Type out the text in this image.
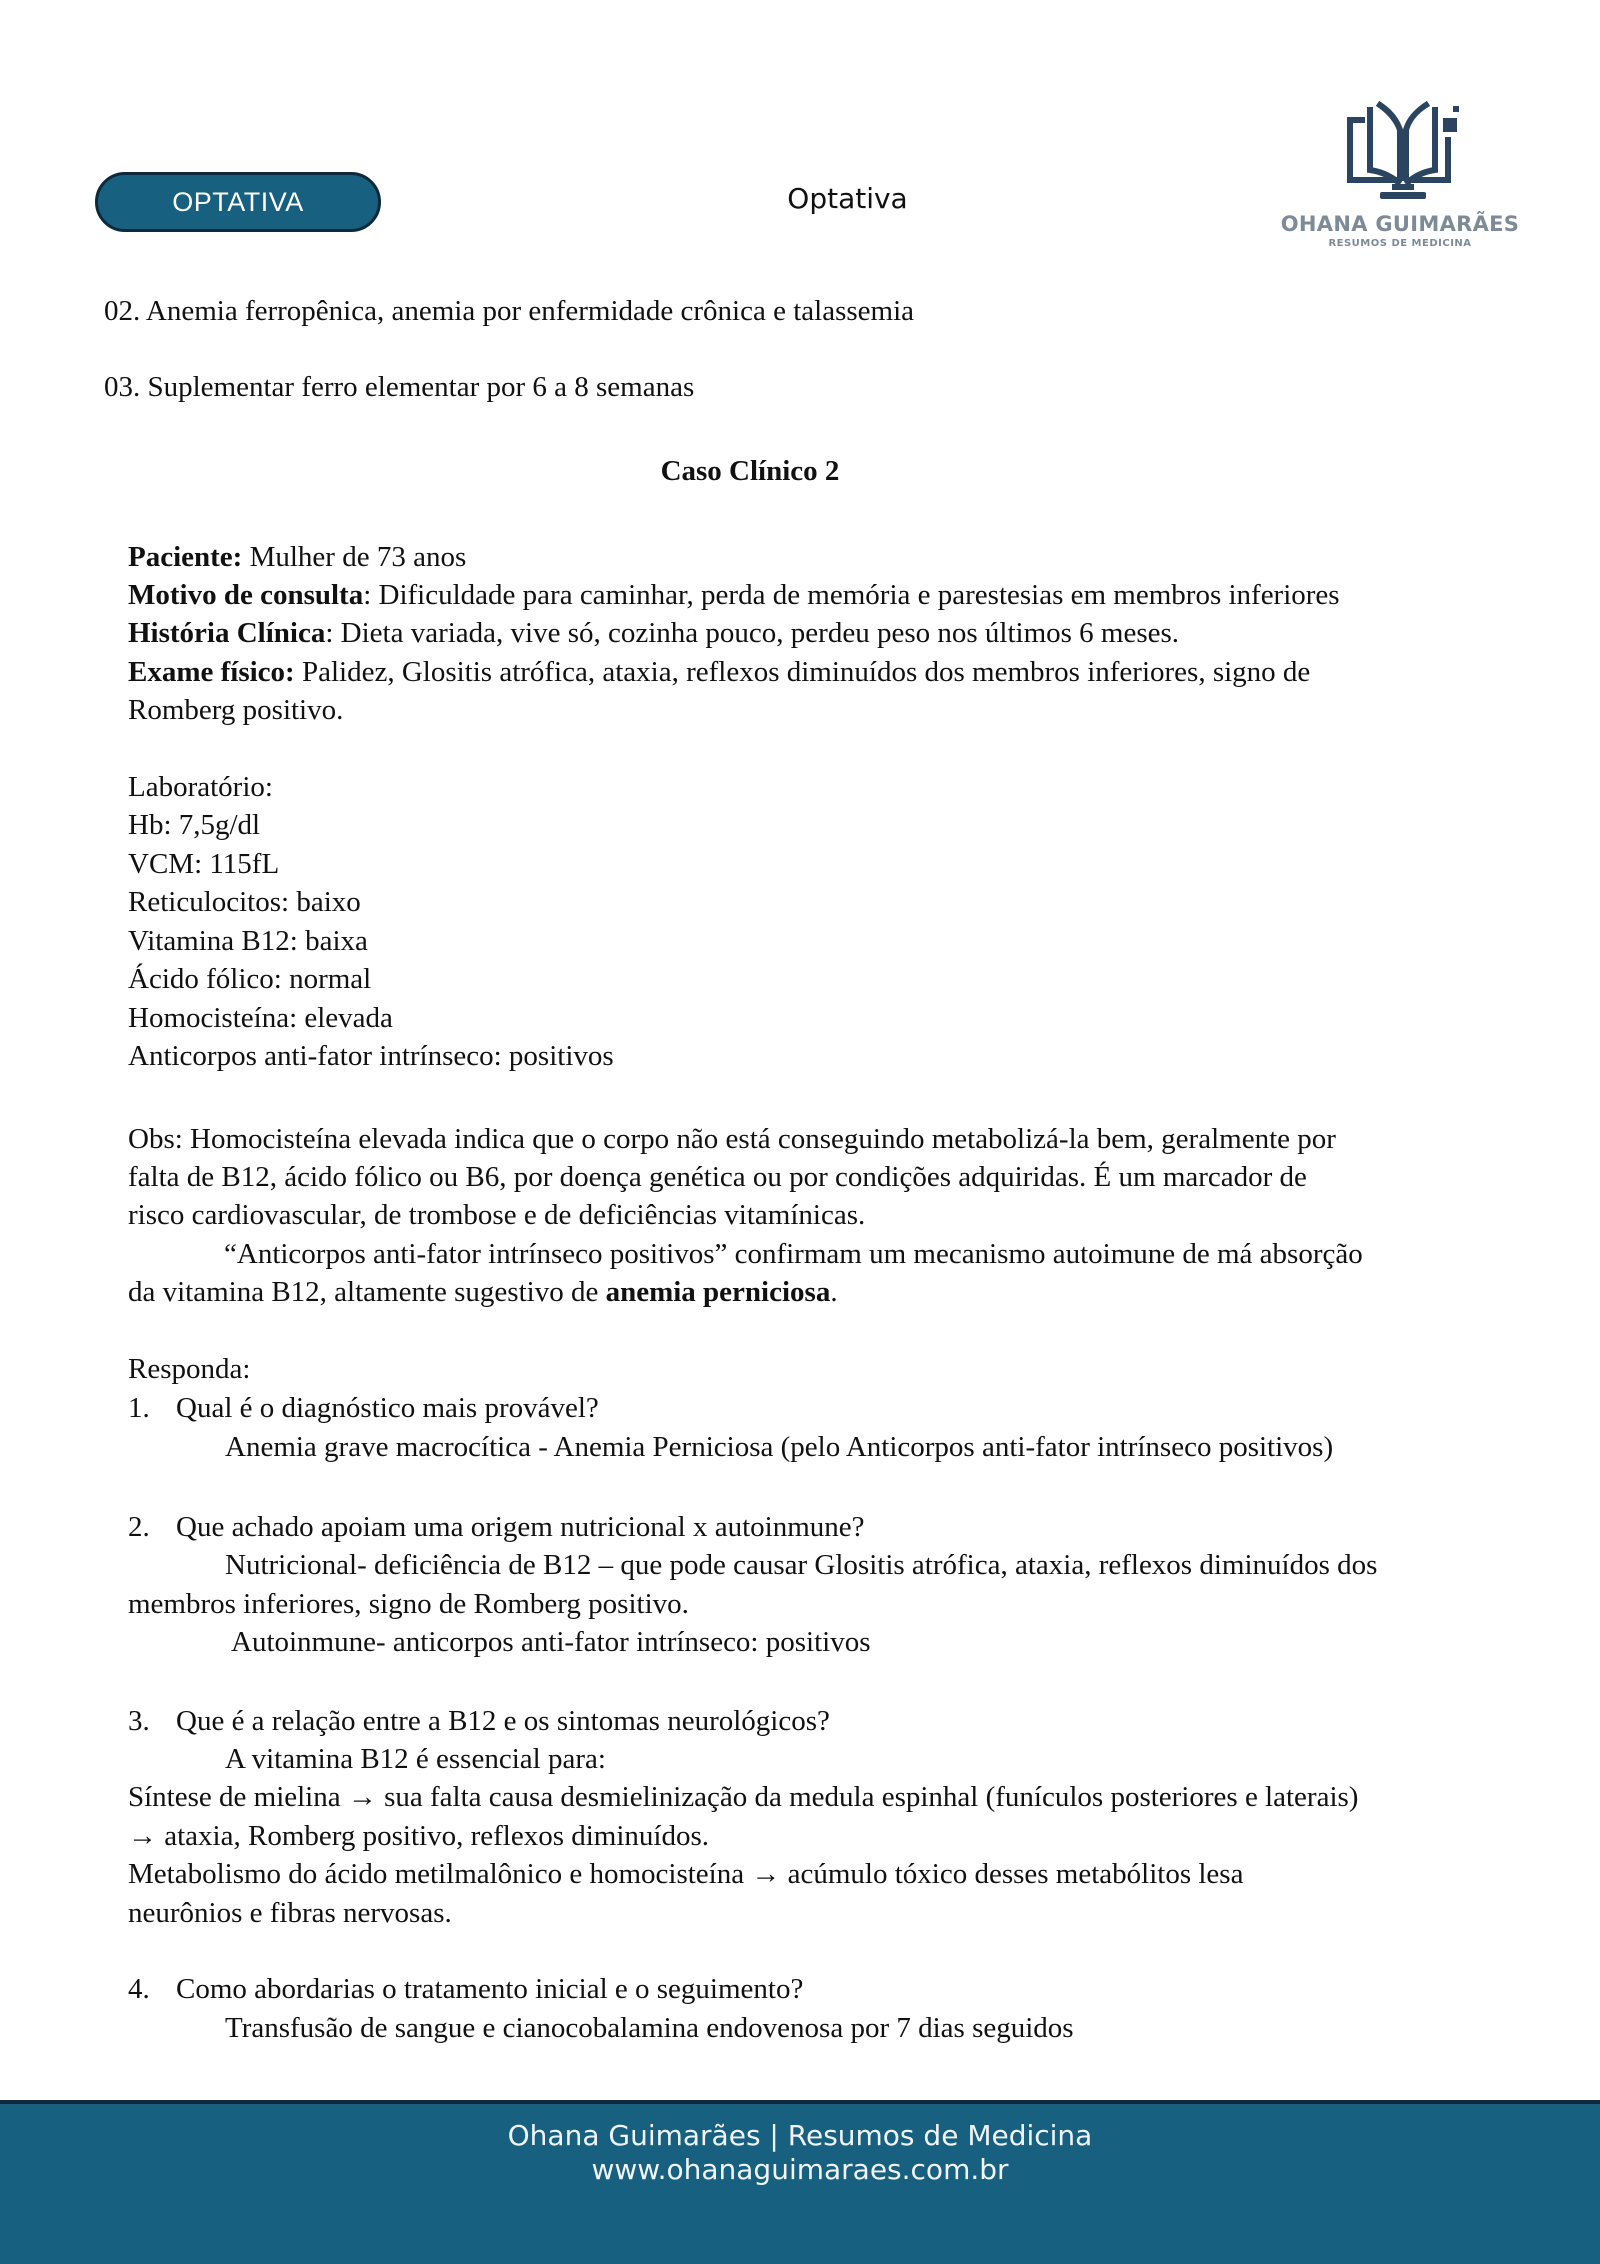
OPTATIVA	Optativa
OHANA GUIMARÃES
RESUMOS DE MEDICINA
02. Anemia ferropênica, anemia por enfermidade crônica e talassemia
03. Suplementar ferro elementar por 6 a 8 semanas
Caso Clínico 2
Paciente: Mulher de 73 anos
Motivo de consulta: Dificuldade para caminhar, perda de memória e parestesias em membros inferiores
História Clínica: Dieta variada, vive só, cozinha pouco, perdeu peso nos últimos 6 meses.
Exame físico: Palidez, Glositis atrófica, ataxia, reflexos diminuídos dos membros inferiores, signo de
Romberg positivo.
Laboratório:
Hb: 7,5g/dl
VCM: 115fL
Reticulocitos: baixo
Vitamina B12: baixa
Ácido fólico: normal
Homocisteína: elevada
Anticorpos anti-fator intrínseco: positivos
Obs: Homocisteína elevada indica que o corpo não está conseguindo metabolizá-la bem, geralmente por
falta de B12, ácido fólico ou B6, por doença genética ou por condições adquiridas. É um marcador de
risco cardiovascular, de trombose e de deficiências vitamínicas.
“Anticorpos anti-fator intrínseco positivos” confirmam um mecanismo autoimune de má absorção
da vitamina B12, altamente sugestivo de anemia perniciosa.
Responda:
1. Qual é o diagnóstico mais provável?
Anemia grave macrocítica - Anemia Perniciosa (pelo Anticorpos anti-fator intrínseco positivos)
2. Que achado apoiam uma origem nutricional x autoinmune?
Nutricional- deficiência de B12 – que pode causar Glositis atrófica, ataxia, reflexos diminuídos dos
membros inferiores, signo de Romberg positivo.
Autoinmune- anticorpos anti-fator intrínseco: positivos
3. Que é a relação entre a B12 e os sintomas neurológicos?
A vitamina B12 é essencial para:
Síntese de mielina → sua falta causa desmielinização da medula espinhal (funículos posteriores e laterais)
→ ataxia, Romberg positivo, reflexos diminuídos.
Metabolismo do ácido metilmalônico e homocisteína → acúmulo tóxico desses metabólitos lesa
neurônios e fibras nervosas.
4. Como abordarias o tratamento inicial e o seguimento?
Transfusão de sangue e cianocobalamina endovenosa por 7 dias seguidos
Ohana Guimarães | Resumos de Medicina
www.ohanaguimaraes.com.br
